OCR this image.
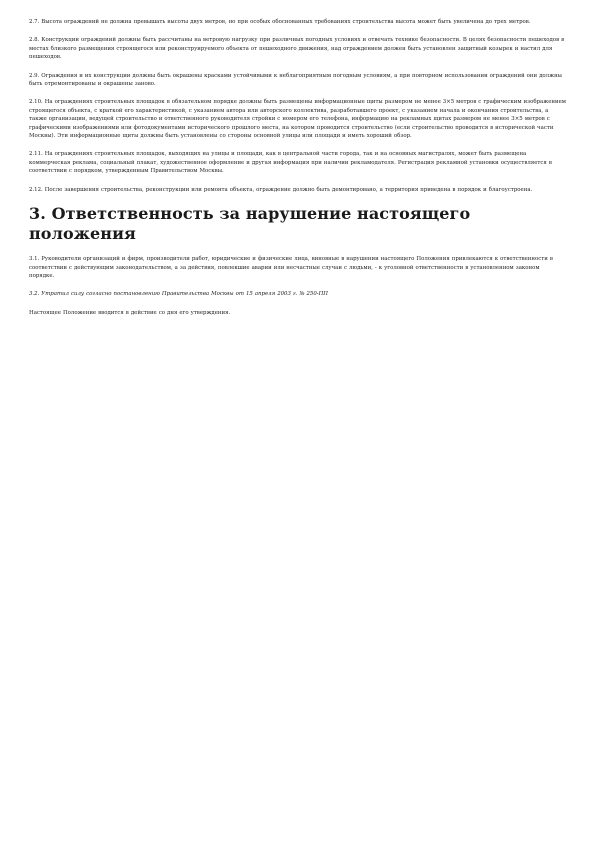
2.7. Высота ограждений не должна превышать высоты двух метров, но при особых обоснованных требованиях строительства высота может быть увеличена до трех метров.

2.8. Конструкции ограждений должны быть рассчитаны на ветровую нагрузку при различных погодных условиях и отвечать технике безопасности. В целях безопасности пешеходов в местах близкого размещения строящегося или реконструируемого объекта от пешеходного движения, над ограждением должен быть установлен защитный козырек и настил для пешеходов.

2.9. Ограждения и их конструкции должны быть окрашены красками устойчивыми к неблагоприятным погодным условиям, а при повторном использовании ограждений они должны быть отремонтированы и окрашены заново.

2.10. На ограждениях строительных площадок в обязательном порядке должны быть размещены информационные щиты размером не менее 3×5 метров с графическим изображением строящегося объекта, с краткой его характеристикой, с указанием автора или авторского коллектива, разработавшего проект, с указанием начала и окончания строительства, а также организации, ведущей строительство и ответственного руководителя стройки с номером его телефона, информацию на рекламных щитах размером не менее 3×5 метров с графическими изображениями или фотодокументами исторического прошлого места, на котором проводится строительство (если строительство проводится в исторической части Москвы). Эти информационные щиты должны быть установлены со стороны основной улицы или площади и иметь хороший обзор.

2.11. На ограждениях строительных площадок, выходящих на улицы и площади, как в центральной части города, так и на основных магистралях, может быть размещена коммерческая реклама, социальный плакат, художественное оформление и другая информация при наличии рекламодателя. Регистрация рекламной установки осуществляется в соответствии с порядком, утвержденным Правительством Москвы.

2.12. После завершения строительства, реконструкции или ремонта объекта, ограждение должно быть демонтировано, а территория приведена в порядок и благоустроена.

3. Ответственность за нарушение настоящего положения

3.1. Руководители организаций и фирм, производители работ, юридические и физические лица, виновные в нарушении настоящего Положения привлекаются к ответственности в соответствии с действующим законодательством, а за действия, повлекшие аварии или несчастные случаи с людьми, - к уголовной ответственности в установленном законом порядке.

3.2. Утратил силу согласно постановлению Правительства Москвы от 15 апреля 2003 г. № 250-ПП

Настоящее Положение вводится в действие со дня его утверждения.
